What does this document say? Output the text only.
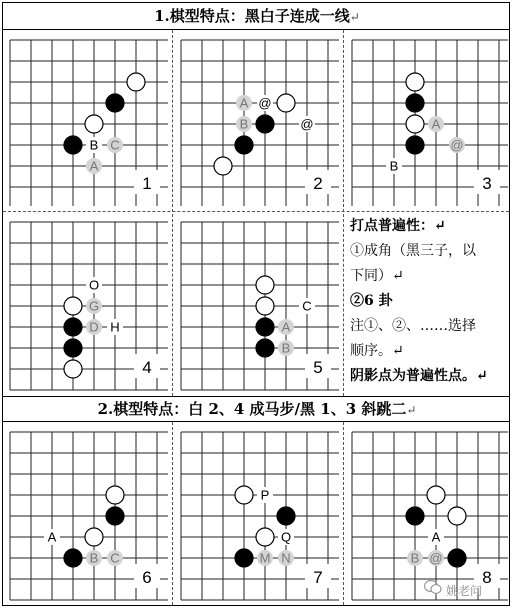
1.棋型特点：黑白子连成一线↵
2.棋型特点：白 2、4 成马步/黑 1、3 斜跳二↵
B C
A
1
A @
B	@
2
A
@
B
3
O
G
D H
4
C
A
B
5
A
B C
6
P
Q
M N
7
A
B @
8
打点普遍性：↵
①成角（黑三子，以
下同）↵
②6 卦
注①、②、……选择
顺序。↵
阴影点为普遍性点。↵
姚老问
